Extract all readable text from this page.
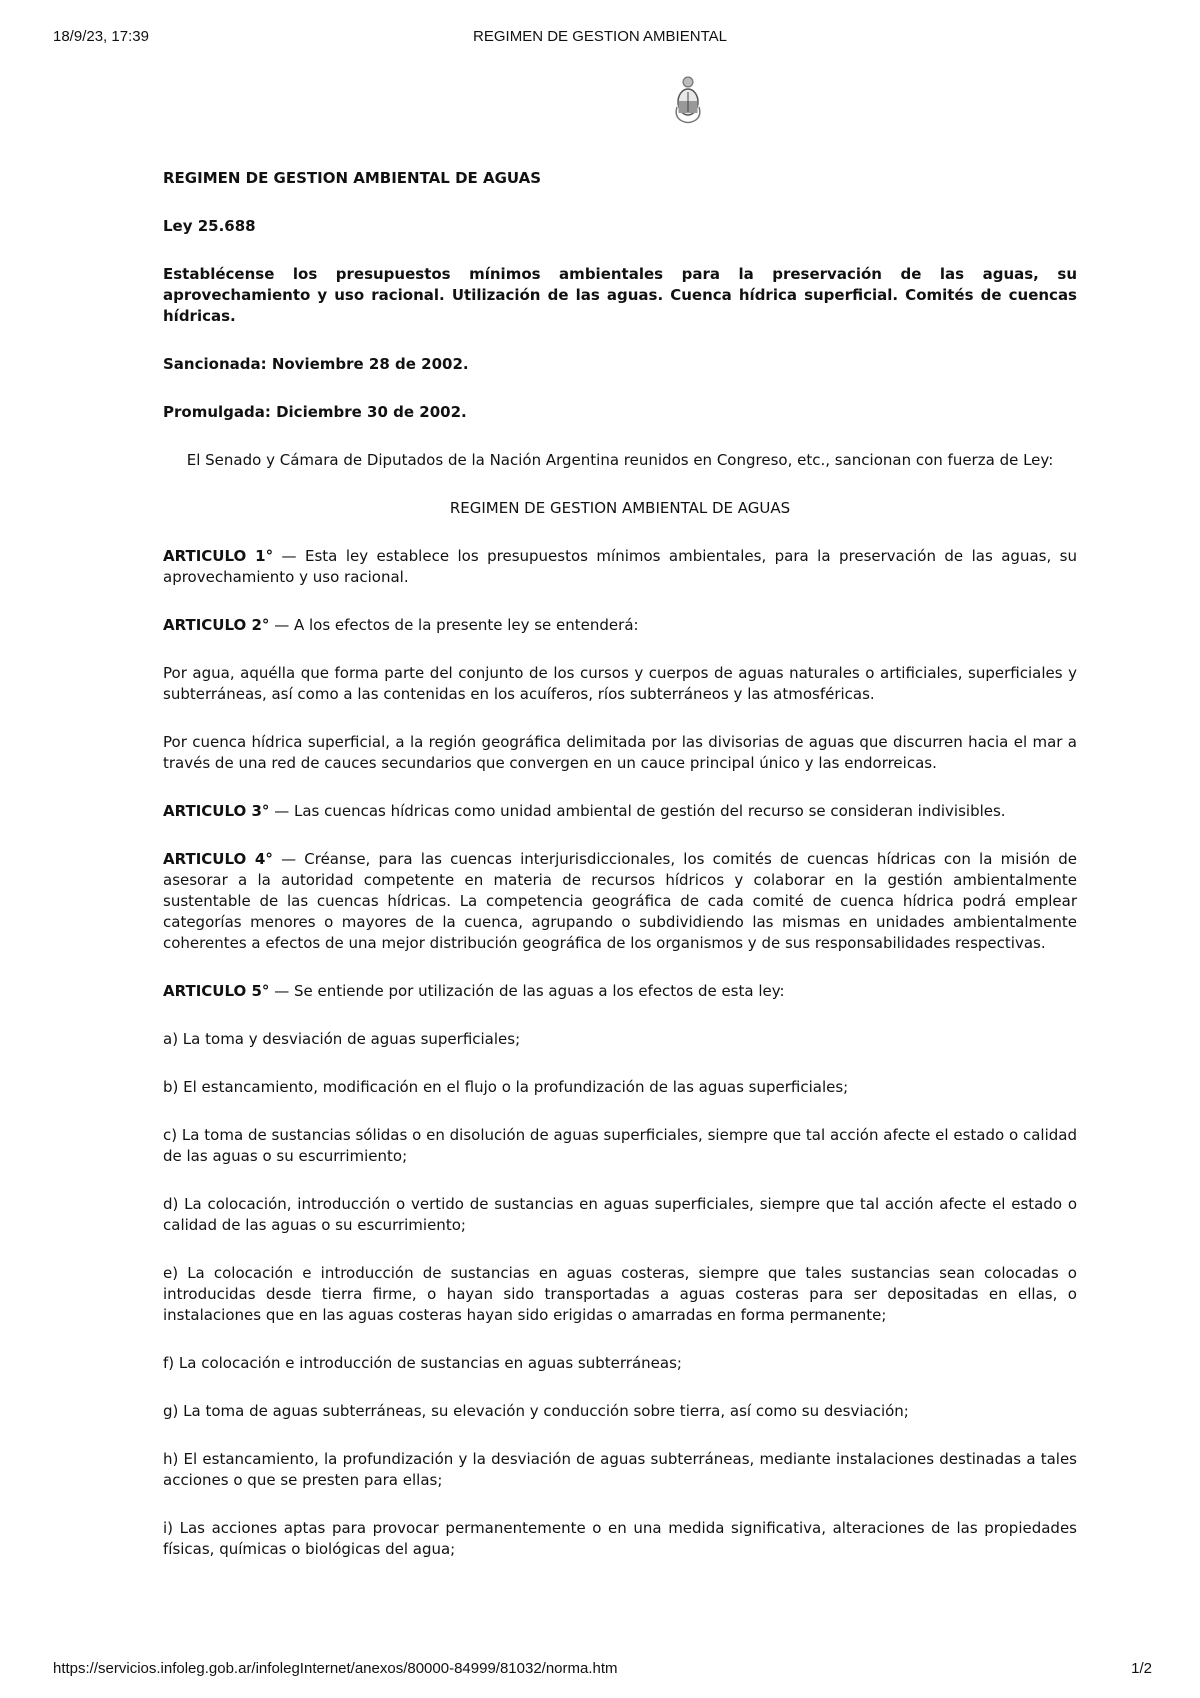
18/9/23, 17:39	REGIMEN DE GESTION AMBIENTAL

REGIMEN DE GESTION AMBIENTAL DE AGUAS

Ley 25.688

Establécense los presupuestos mínimos ambientales para la preservación de las aguas, su aprovechamiento y uso racional. Utilización de las aguas. Cuenca hídrica superficial. Comités de cuencas hídricas.

Sancionada: Noviembre 28 de 2002.

Promulgada: Diciembre 30 de 2002.

El Senado y Cámara de Diputados de la Nación Argentina reunidos en Congreso, etc., sancionan con fuerza de Ley:

REGIMEN DE GESTION AMBIENTAL DE AGUAS

ARTICULO 1° — Esta ley establece los presupuestos mínimos ambientales, para la preservación de las aguas, su aprovechamiento y uso racional.

ARTICULO 2° — A los efectos de la presente ley se entenderá:

Por agua, aquélla que forma parte del conjunto de los cursos y cuerpos de aguas naturales o artificiales, superficiales y subterráneas, así como a las contenidas en los acuíferos, ríos subterráneos y las atmosféricas.

Por cuenca hídrica superficial, a la región geográfica delimitada por las divisorias de aguas que discurren hacia el mar a través de una red de cauces secundarios que convergen en un cauce principal único y las endorreicas.

ARTICULO 3° — Las cuencas hídricas como unidad ambiental de gestión del recurso se consideran indivisibles.

ARTICULO 4° — Créanse, para las cuencas interjurisdiccionales, los comités de cuencas hídricas con la misión de asesorar a la autoridad competente en materia de recursos hídricos y colaborar en la gestión ambientalmente sustentable de las cuencas hídricas. La competencia geográfica de cada comité de cuenca hídrica podrá emplear categorías menores o mayores de la cuenca, agrupando o subdividiendo las mismas en unidades ambientalmente coherentes a efectos de una mejor distribución geográfica de los organismos y de sus responsabilidades respectivas.

ARTICULO 5° — Se entiende por utilización de las aguas a los efectos de esta ley:

a) La toma y desviación de aguas superficiales;

b) El estancamiento, modificación en el flujo o la profundización de las aguas superficiales;

c) La toma de sustancias sólidas o en disolución de aguas superficiales, siempre que tal acción afecte el estado o calidad de las aguas o su escurrimiento;

d) La colocación, introducción o vertido de sustancias en aguas superficiales, siempre que tal acción afecte el estado o calidad de las aguas o su escurrimiento;

e) La colocación e introducción de sustancias en aguas costeras, siempre que tales sustancias sean colocadas o introducidas desde tierra firme, o hayan sido transportadas a aguas costeras para ser depositadas en ellas, o instalaciones que en las aguas costeras hayan sido erigidas o amarradas en forma permanente;

f) La colocación e introducción de sustancias en aguas subterráneas;

g) La toma de aguas subterráneas, su elevación y conducción sobre tierra, así como su desviación;

h) El estancamiento, la profundización y la desviación de aguas subterráneas, mediante instalaciones destinadas a tales acciones o que se presten para ellas;

i) Las acciones aptas para provocar permanentemente o en una medida significativa, alteraciones de las propiedades físicas, químicas o biológicas del agua;

https://servicios.infoleg.gob.ar/infolegInternet/anexos/80000-84999/81032/norma.htm	1/2
